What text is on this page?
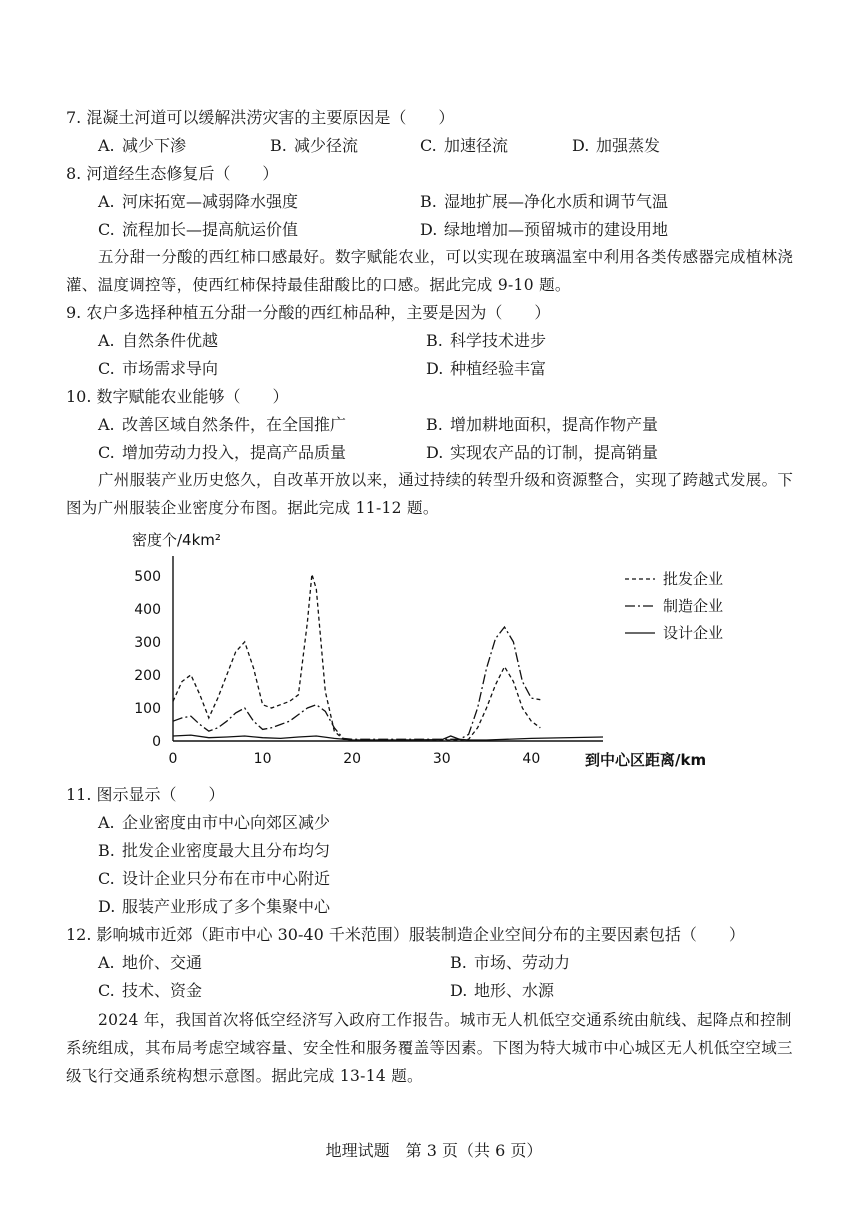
7. 混凝土河道可以缓解洪涝灾害的主要原因是（　　）
A. 减少下渗	B. 减少径流	C. 加速径流	D. 加强蒸发
8. 河道经生态修复后（　　）
A. 河床拓宽—减弱降水强度	B. 湿地扩展—净化水质和调节气温
C. 流程加长—提高航运价值	D. 绿地增加—预留城市的建设用地
五分甜一分酸的西红柿口感最好。数字赋能农业，可以实现在玻璃温室中利用各类传感器完成植林浇灌、温度调控等，使西红柿保持最佳甜酸比的口感。据此完成 9-10 题。
9. 农户多选择种植五分甜一分酸的西红柿品种，主要是因为（　　）
A. 自然条件优越	B. 科学技术进步
C. 市场需求导向	D. 种植经验丰富
10. 数字赋能农业能够（　　）
A. 改善区域自然条件，在全国推广	B. 增加耕地面积，提高作物产量
C. 增加劳动力投入，提高产品质量	D. 实现农产品的订制，提高销量
广州服装产业历史悠久，自改革开放以来，通过持续的转型升级和资源整合，实现了跨越式发展。下图为广州服装企业密度分布图。据此完成 11-12 题。
0
100
200
300
400
500
0	10	20	30	40
密度个/4km²
到中心区距离/km
批发企业
制造企业
设计企业
11. 图示显示（　　）
A. 企业密度由市中心向郊区减少
B. 批发企业密度最大且分布均匀
C. 设计企业只分布在市中心附近
D. 服装产业形成了多个集聚中心
12. 影响城市近郊（距市中心 30-40 千米范围）服装制造企业空间分布的主要因素包括（　　）
A. 地价、交通	B. 市场、劳动力
C. 技术、资金	D. 地形、水源
2024 年，我国首次将低空经济写入政府工作报告。城市无人机低空交通系统由航线、起降点和控制系统组成，其布局考虑空域容量、安全性和服务覆盖等因素。下图为特大城市中心城区无人机低空空域三级飞行交通系统构想示意图。据此完成 13-14 题。
地理试题　第 3 页（共 6 页）
